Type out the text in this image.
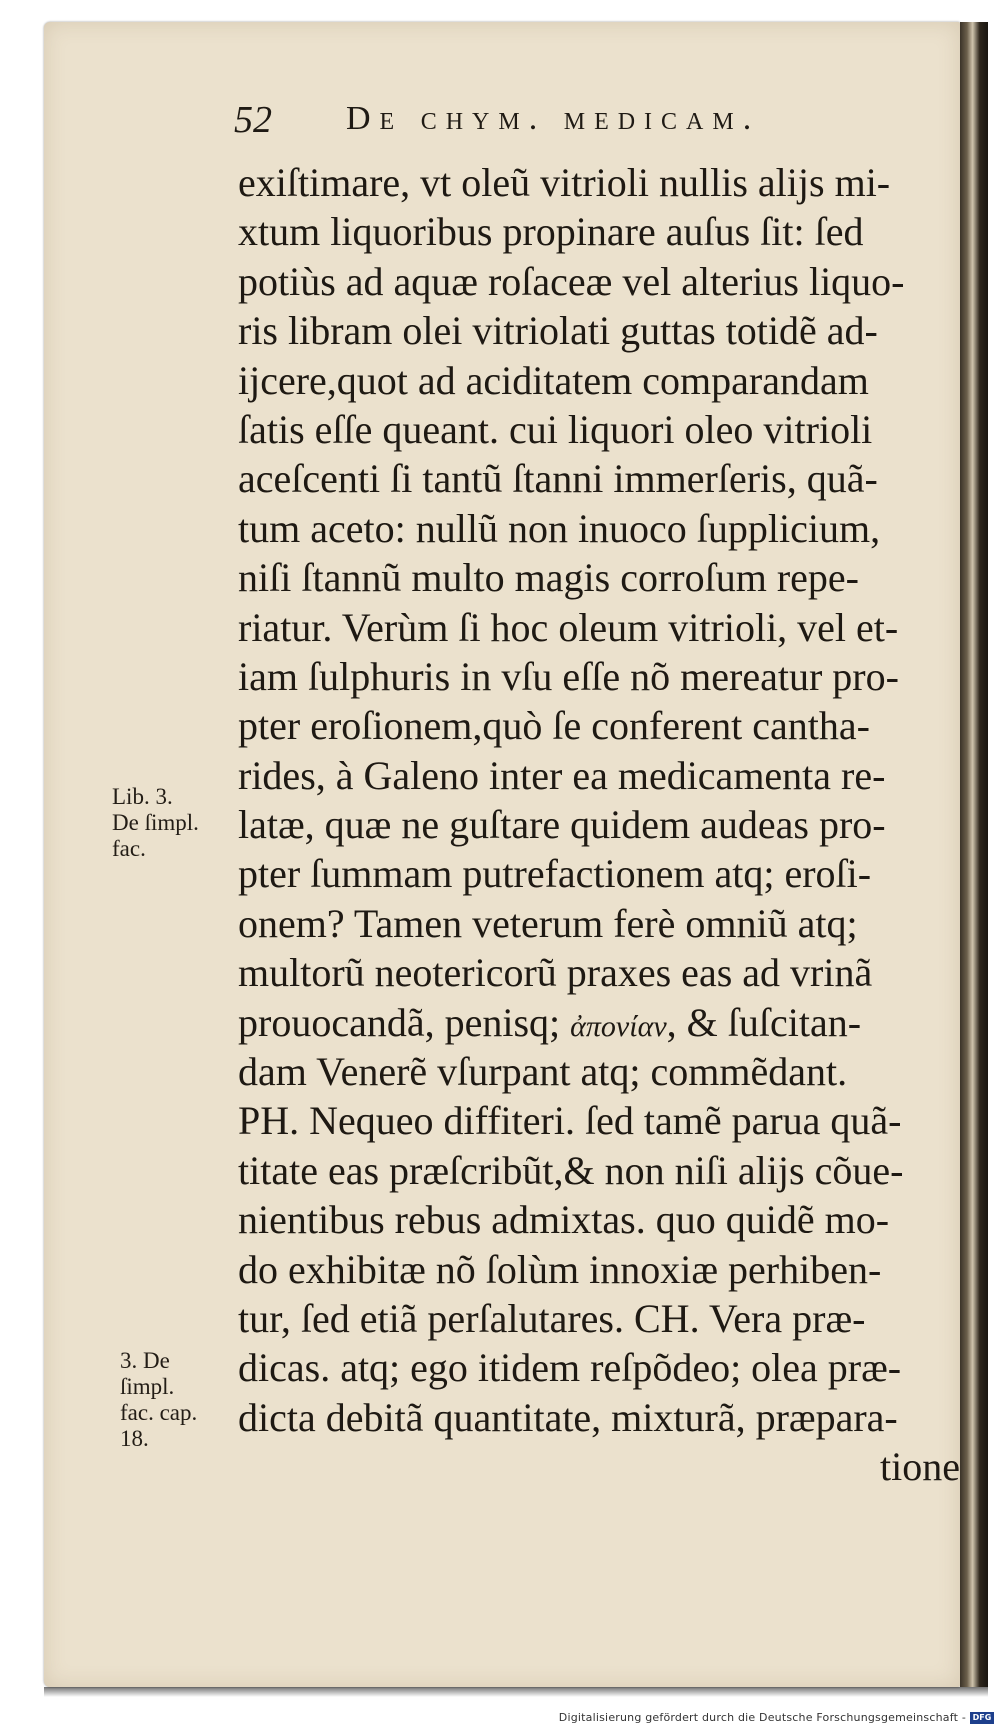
52 De chym. medicam.
exiſtimare, vt oleũ vitrioli nullis alijs mi-
xtum liquoribus propinare auſus ſit: ſed
potiùs ad aquæ roſaceæ vel alterius liquo-
ris libram olei vitriolati guttas totidẽ ad-
ijcere,quot ad aciditatem comparandam
ſatis eſſe queant. cui liquori oleo vitrioli
aceſcenti ſi tantũ ſtanni immerſeris, quã-
tum aceto: nullũ non inuoco ſupplicium,
niſi ſtannũ multo magis corroſum repe-
riatur. Verùm ſi hoc oleum vitrioli, vel et-
iam ſulphuris in vſu eſſe nõ mereatur pro-
pter eroſionem,quò ſe conferent cantha-
rides, à Galeno inter ea medicamenta re-
latæ, quæ ne guſtare quidem audeas pro-
pter ſummam putrefactionem atq; eroſi-
onem? Tamen veterum ferè omniũ atq;
multorũ neotericorũ praxes eas ad vrinã
prouocandã, penisq; ἀπονίαν, & ſuſcitan-
dam Venerẽ vſurpant atq; commẽdant.
PH. Nequeo diffiteri. ſed tamẽ parua quã-
titate eas præſcribũt,& non niſi alijs cõue-
nientibus rebus admixtas. quo quidẽ mo-
do exhibitæ nõ ſolùm innoxiæ perhiben-
tur, ſed etiã perſalutares. CH. Vera præ-
dicas. atq; ego itidem reſpõdeo; olea præ-
dicta debitã quantitate, mixturã, præpara-
tione
Lib. 3.
De ſimpl.
fac.
3. De
ſimpl.
fac. cap.
18.
Digitalisierung gefördert durch die Deutsche Forschungsgemeinschaft - DFG
